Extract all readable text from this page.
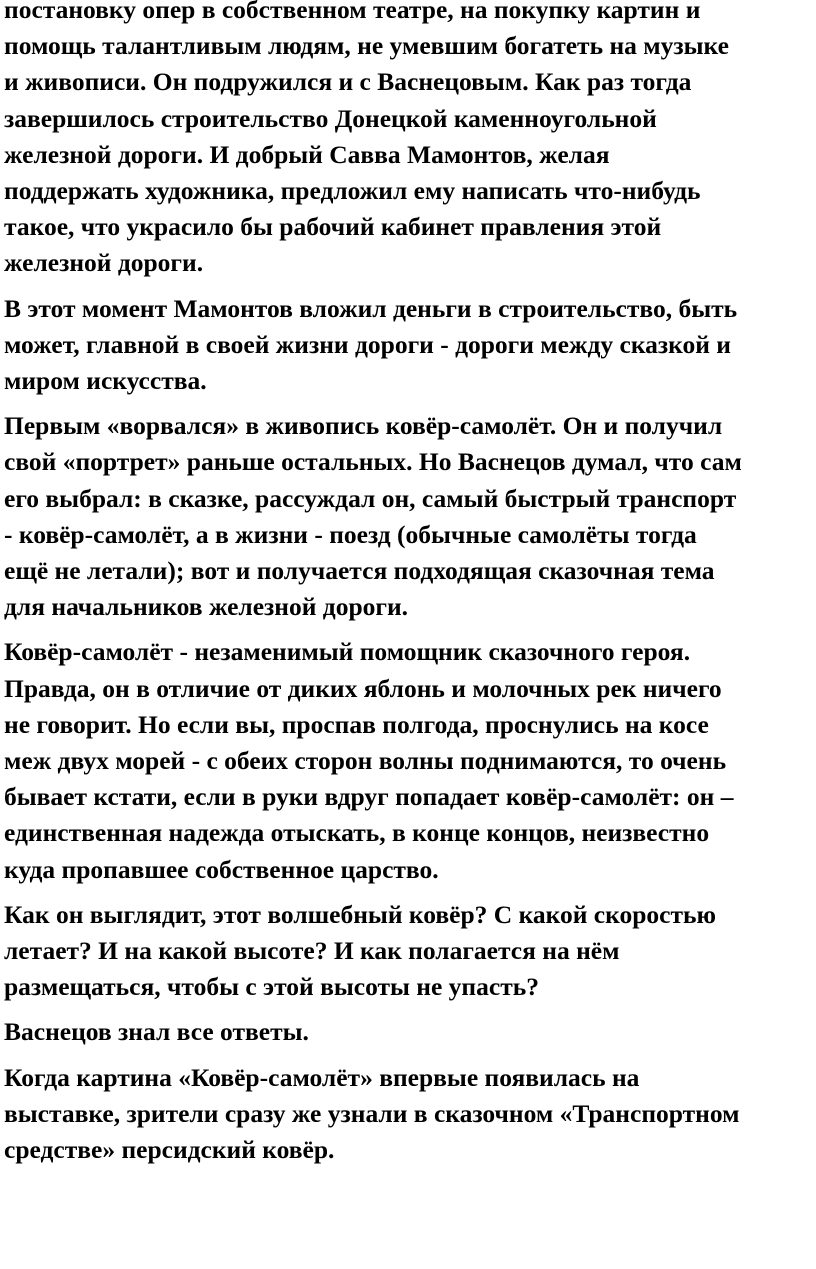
постановку опер в собственном театре, на покупку картин и
помощь талантливым людям, не умевшим богатеть на музыке
и живописи. Он подружился и с Васнецовым. Как раз тогда
завершилось строительство Донецкой каменноугольной
железной дороги. И добрый Савва Мамонтов, желая
поддержать художника, предложил ему написать что-нибудь
такое, что украсило бы рабочий кабинет правления этой
железной дороги.

В этот момент Мамонтов вложил деньги в строительство, быть
может, главной в своей жизни дороги - дороги между сказкой и
миром искусства.

Первым «ворвался» в живопись ковёр-самолёт. Он и получил
свой «портрет» раньше остальных. Но Васнецов думал, что сам
его выбрал: в сказке, рассуждал он, самый быстрый транспорт
- ковёр-самолёт, а в жизни - поезд (обычные самолёты тогда
ещё не летали); вот и получается подходящая сказочная тема
для начальников железной дороги.

Ковёр-самолёт - незаменимый помощник сказочного героя.
Правда, он в отличие от диких яблонь и молочных рек ничего
не говорит. Но если вы, проспав полгода, проснулись на косе
меж двух морей - с обеих сторон волны поднимаются, то очень
бывает кстати, если в руки вдруг попадает ковёр-самолёт: он –
единственная надежда отыскать, в конце концов, неизвестно
куда пропавшее собственное царство.

Как он выглядит, этот волшебный ковёр? С какой скоростью
летает? И на какой высоте? И как полагается на нём
размещаться, чтобы с этой высоты не упасть?

Васнецов знал все ответы.

Когда картина «Ковёр-самолёт» впервые появилась на
выставке, зрители сразу же узнали в сказочном «Транспортном
средстве» персидский ковёр.
